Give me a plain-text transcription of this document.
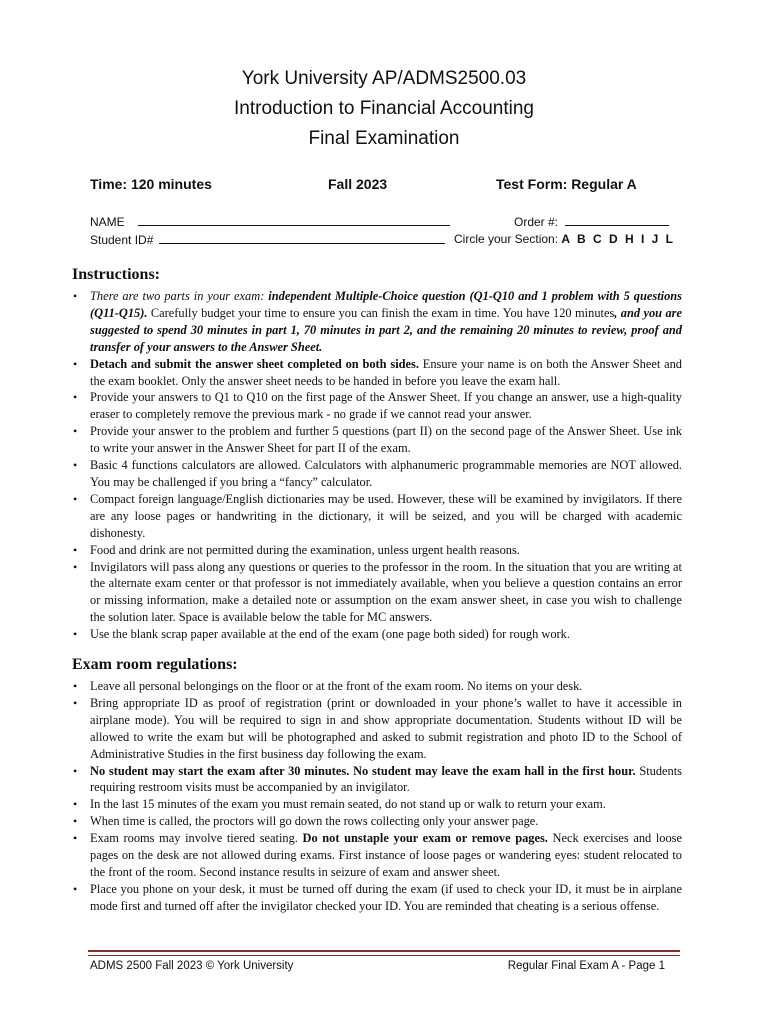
York University AP/ADMS2500.03
Introduction to Financial Accounting
Final Examination
Time: 120 minutes	Fall 2023	Test Form: Regular A
NAME	Order #:
Student ID#	Circle your Section: A B C D H I J L
Instructions:
• There are two parts in your exam: independent Multiple-Choice question (Q1-Q10 and 1 problem with 5 questions (Q11-Q15). Carefully budget your time to ensure you can finish the exam in time. You have 120 minutes, and you are suggested to spend 30 minutes in part 1, 70 minutes in part 2, and the remaining 20 minutes to review, proof and transfer of your answers to the Answer Sheet.
• Detach and submit the answer sheet completed on both sides. Ensure your name is on both the Answer Sheet and the exam booklet. Only the answer sheet needs to be handed in before you leave the exam hall.
• Provide your answers to Q1 to Q10 on the first page of the Answer Sheet. If you change an answer, use a high-quality eraser to completely remove the previous mark - no grade if we cannot read your answer.
• Provide your answer to the problem and further 5 questions (part II) on the second page of the Answer Sheet. Use ink to write your answer in the Answer Sheet for part II of the exam.
• Basic 4 functions calculators are allowed. Calculators with alphanumeric programmable memories are NOT allowed. You may be challenged if you bring a “fancy” calculator.
• Compact foreign language/English dictionaries may be used. However, these will be examined by invigilators. If there are any loose pages or handwriting in the dictionary, it will be seized, and you will be charged with academic dishonesty.
• Food and drink are not permitted during the examination, unless urgent health reasons.
• Invigilators will pass along any questions or queries to the professor in the room. In the situation that you are writing at the alternate exam center or that professor is not immediately available, when you believe a question contains an error or missing information, make a detailed note or assumption on the exam answer sheet, in case you wish to challenge the solution later. Space is available below the table for MC answers.
• Use the blank scrap paper available at the end of the exam (one page both sided) for rough work.
Exam room regulations:
• Leave all personal belongings on the floor or at the front of the exam room. No items on your desk.
• Bring appropriate ID as proof of registration (print or downloaded in your phone’s wallet to have it accessible in airplane mode). You will be required to sign in and show appropriate documentation. Students without ID will be allowed to write the exam but will be photographed and asked to submit registration and photo ID to the School of Administrative Studies in the first business day following the exam.
• No student may start the exam after 30 minutes. No student may leave the exam hall in the first hour. Students requiring restroom visits must be accompanied by an invigilator.
• In the last 15 minutes of the exam you must remain seated, do not stand up or walk to return your exam.
• When time is called, the proctors will go down the rows collecting only your answer page.
• Exam rooms may involve tiered seating. Do not unstaple your exam or remove pages. Neck exercises and loose pages on the desk are not allowed during exams. First instance of loose pages or wandering eyes: student relocated to the front of the room. Second instance results in seizure of exam and answer sheet.
• Place you phone on your desk, it must be turned off during the exam (if used to check your ID, it must be in airplane mode first and turned off after the invigilator checked your ID. You are reminded that cheating is a serious offense.
ADMS 2500 Fall 2023 © York University	Regular Final Exam A - Page 1
